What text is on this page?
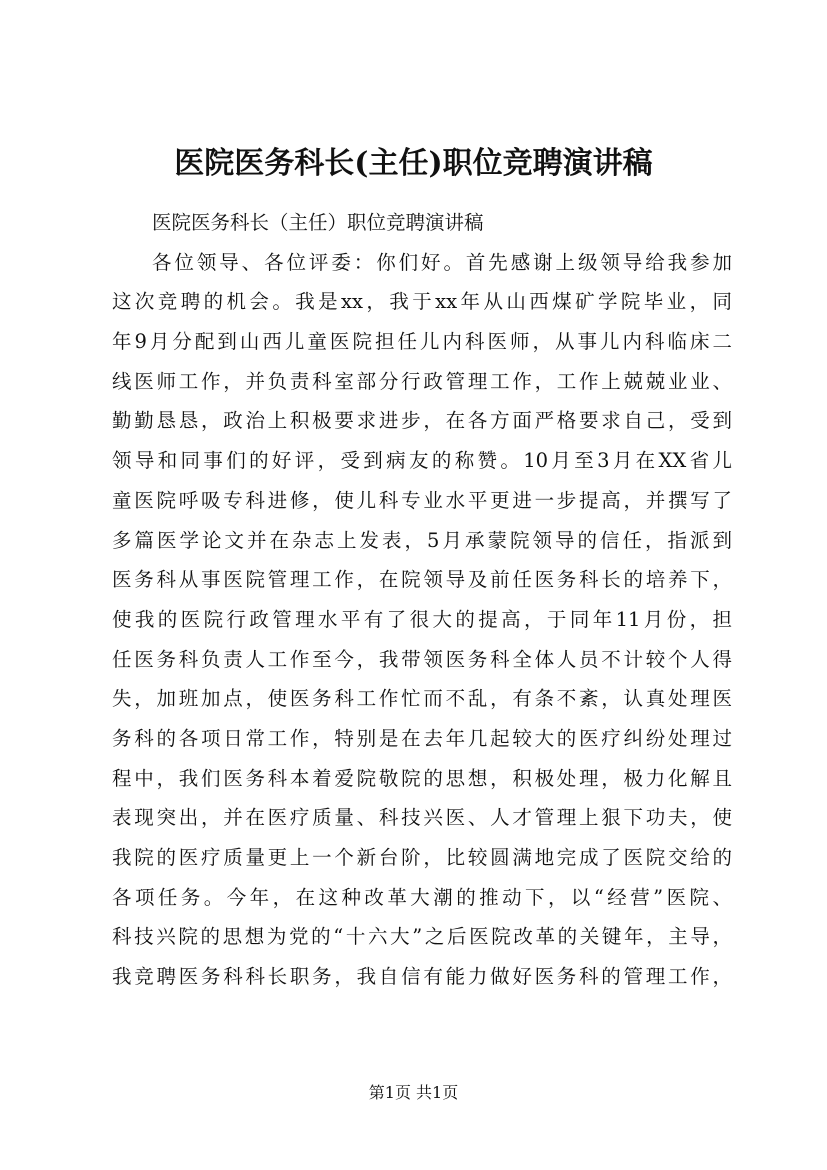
医院医务科长(主任)职位竞聘演讲稿
医院医务科长（主任）职位竞聘演讲稿
各位领导、各位评委：你们好。首先感谢上级领导给我参加
这次竞聘的机会。我是xx，我于xx年从山西煤矿学院毕业，同
年9月分配到山西儿童医院担任儿内科医师，从事儿内科临床二
线医师工作，并负责科室部分行政管理工作，工作上兢兢业业、
勤勤恳恳，政治上积极要求进步，在各方面严格要求自己，受到
领导和同事们的好评，受到病友的称赞。10月至3月在XX省儿
童医院呼吸专科进修，使儿科专业水平更进一步提高，并撰写了
多篇医学论文并在杂志上发表，5月承蒙院领导的信任，指派到
医务科从事医院管理工作，在院领导及前任医务科长的培养下，
使我的医院行政管理水平有了很大的提高，于同年11月份，担
任医务科负责人工作至今，我带领医务科全体人员不计较个人得
失，加班加点，使医务科工作忙而不乱，有条不紊，认真处理医
务科的各项日常工作，特别是在去年几起较大的医疗纠纷处理过
程中，我们医务科本着爱院敬院的思想，积极处理，极力化解且
表现突出，并在医疗质量、科技兴医、人才管理上狠下功夫，使
我院的医疗质量更上一个新台阶，比较圆满地完成了医院交给的
各项任务。今年，在这种改革大潮的推动下，以“经营”医院、
科技兴院的思想为党的“十六大”之后医院改革的关键年，主导，
我竞聘医务科科长职务，我自信有能力做好医务科的管理工作，
第1页 共1页
